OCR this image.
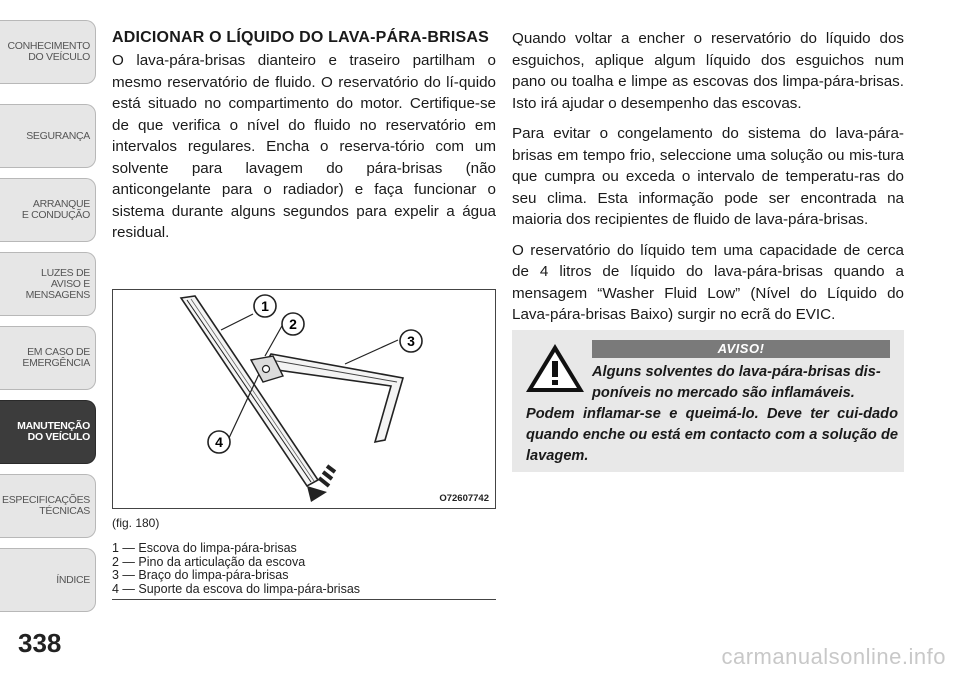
CONHECIMENTO
DO VEÍCULO
SEGURANÇA
ARRANQUE
E CONDUÇÃO
LUZES DE
AVISO E
MENSAGENS
EM CASO DE
EMERGÊNCIA
MANUTENÇÃO
DO VEÍCULO
ESPECIFICAÇÕES
TÉCNICAS
ÍNDICE
338

ADICIONAR O LÍQUIDO DO LAVA-PÁRA-BRISAS

O lava-pára-brisas dianteiro e traseiro partilham o mesmo reservatório de fluido. O reservatório do lí-quido está situado no compartimento do motor. Certifique-se de que verifica o nível do fluido no reservatório em intervalos regulares. Encha o reserva-tório com um solvente para lavagem do pára-brisas (não anticongelante para o radiador) e faça funcionar o sistema durante alguns segundos para expelir a água residual.

1
2
3
4
O72607742
(fig. 180)
1 — Escova do limpa-pára-brisas
2 — Pino da articulação da escova
3 — Braço do limpa-pára-brisas
4 — Suporte da escova do limpa-pára-brisas

Quando voltar a encher o reservatório do líquido dos esguichos, aplique algum líquido dos esguichos num pano ou toalha e limpe as escovas dos limpa-pára-brisas. Isto irá ajudar o desempenho das escovas.

Para evitar o congelamento do sistema do lava-pára-brisas em tempo frio, seleccione uma solução ou mis-tura que cumpra ou exceda o intervalo de temperatu-ras do seu clima. Esta informação pode ser encontrada na maioria dos recipientes de fluido de lava-pára-brisas.

O reservatório do líquido tem uma capacidade de cerca de 4 litros de líquido do lava-pára-brisas quando a mensagem “Washer Fluid Low” (Nível do Líquido do Lava-pára-brisas Baixo) surgir no ecrã do EVIC.

AVISO!
Alguns solventes do lava-pára-brisas dis-
poníveis no mercado são inflamáveis.
Podem inflamar-se e queimá-lo. Deve ter cui-dado quando enche ou está em contacto com a solução de lavagem.
carmanualsonline.info
